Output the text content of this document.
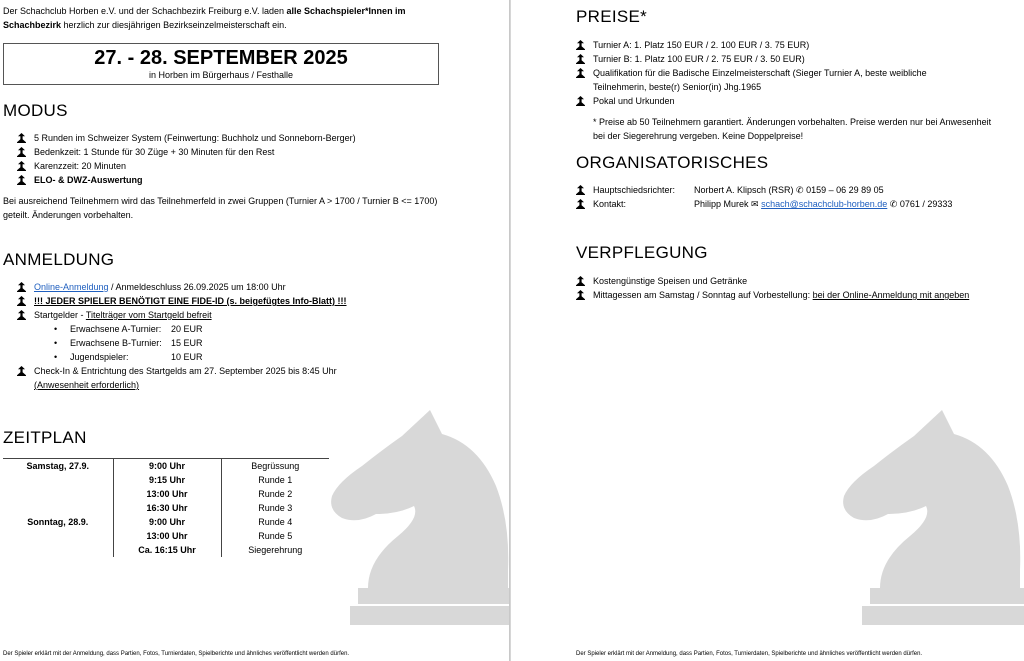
Der Schachclub Horben e.V. und der Schachbezirk Freiburg e.V. laden alle Schachspieler*Innen im Schachbezirk herzlich zur diesjährigen Bezirkseinzelmeisterschaft ein.
27. - 28. SEPTEMBER 2025
in Horben im Bürgerhaus / Festhalle
MODUS
5 Runden im Schweizer System (Feinwertung: Buchholz und Sonneborn-Berger)
Bedenkzeit: 1 Stunde für 30 Züge + 30 Minuten für den Rest
Karenzzeit: 20 Minuten
ELO- & DWZ-Auswertung
Bei ausreichend Teilnehmern wird das Teilnehmerfeld in zwei Gruppen (Turnier A > 1700 / Turnier B <= 1700) geteilt. Änderungen vorbehalten.
ANMELDUNG
Online-Anmeldung / Anmeldeschluss 26.09.2025 um 18:00 Uhr
!!! JEDER SPIELER BENÖTIGT EINE FIDE-ID (s. beigefügtes Info-Blatt) !!!
Startgelder - Titelträger vom Startgeld befreit
• Erwachsene A-Turnier: 20 EUR
• Erwachsene B-Turnier: 15 EUR
• Jugendspieler:	10 EUR
Check-In & Entrichtung des Startgelds am 27. September 2025 bis 8:45 Uhr
(Anwesenheit erforderlich)
ZEITPLAN
Samstag, 27.9.	9:00 Uhr	Begrüssung
	9:15 Uhr	Runde 1
	13:00 Uhr	Runde 2
	16:30 Uhr	Runde 3
Sonntag, 28.9.	9:00 Uhr	Runde 4
	13:00 Uhr	Runde 5
	Ca. 16:15 Uhr	Siegerehrung
Der Spieler erklärt mit der Anmeldung, dass Partien, Fotos, Turnierdaten, Spielberichte und ähnliches veröffentlicht werden dürfen.
PREISE*
Turnier A: 1. Platz 150 EUR / 2. 100 EUR / 3. 75 EUR)
Turnier B: 1. Platz 100 EUR / 2. 75 EUR / 3. 50 EUR)
Qualifikation für die Badische Einzelmeisterschaft (Sieger Turnier A, beste weibliche Teilnehmerin, beste(r) Senior(in) Jhg.1965
Pokal und Urkunden
* Preise ab 50 Teilnehmern garantiert. Änderungen vorbehalten. Preise werden nur bei Anwesenheit bei der Siegerehrung vergeben. Keine Doppelpreise!
ORGANISATORISCHES
Hauptschiedsrichter: Norbert A. Klipsch (RSR) ✆ 0159 – 06 29 89 05
Kontakt:	Philipp Murek ✉ schach@schachclub-horben.de ✆ 0761 / 29333
VERPFLEGUNG
Kostengünstige Speisen und Getränke
Mittagessen am Samstag / Sonntag auf Vorbestellung: bei der Online-Anmeldung mit angeben
Der Spieler erklärt mit der Anmeldung, dass Partien, Fotos, Turnierdaten, Spielberichte und ähnliches veröffentlicht werden dürfen.
